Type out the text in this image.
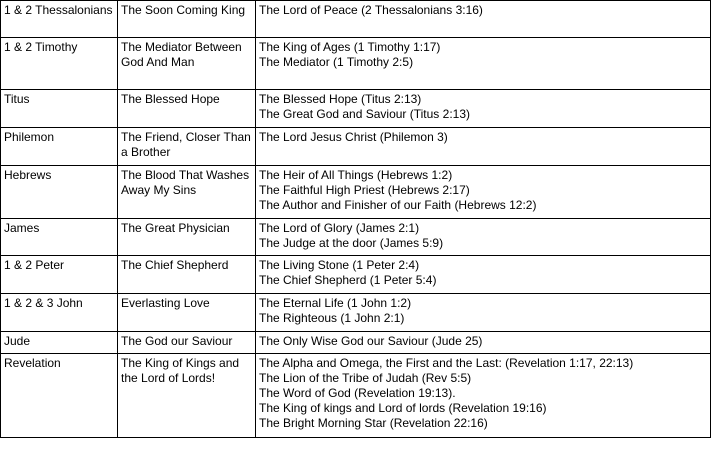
1 & 2 Thessalonians	The Soon Coming King	The Lord of Peace (2 Thessalonians 3:16)

1 & 2 Timothy	The Mediator Between God And Man	The King of Ages (1 Timothy 1:17)
The Mediator (1 Timothy 2:5)

Titus	The Blessed Hope	The Blessed Hope (Titus 2:13)
The Great God and Saviour (Titus 2:13)

Philemon	The Friend, Closer Than a Brother	The Lord Jesus Christ (Philemon 3)

Hebrews	The Blood That Washes Away My Sins	The Heir of All Things (Hebrews 1:2)
The Faithful High Priest (Hebrews 2:17)
The Author and Finisher of our Faith (Hebrews 12:2)

James	The Great Physician	The Lord of Glory (James 2:1)
The Judge at the door (James 5:9)

1 & 2 Peter	The Chief Shepherd	The Living Stone (1 Peter 2:4)
The Chief Shepherd (1 Peter 5:4)

1 & 2 & 3 John	Everlasting Love	The Eternal Life (1 John 1:2)
The Righteous (1 John 2:1)

Jude	The God our Saviour	The Only Wise God our Saviour (Jude 25)

Revelation	The King of Kings and the Lord of Lords!	The Alpha and Omega, the First and the Last: (Revelation 1:17, 22:13)
The Lion of the Tribe of Judah (Rev 5:5)
The Word of God (Revelation 19:13).
The King of kings and Lord of lords (Revelation 19:16)
The Bright Morning Star (Revelation 22:16)
